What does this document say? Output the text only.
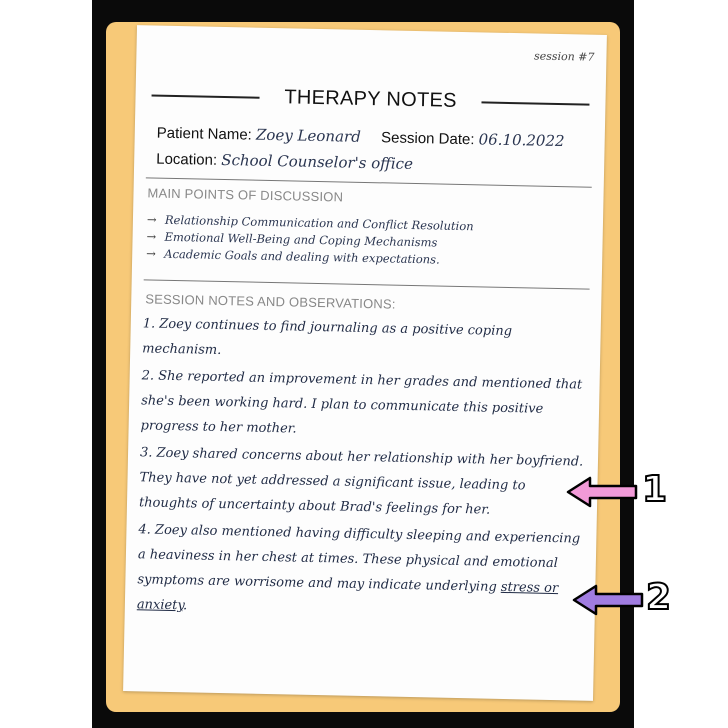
session #7
THERAPY NOTES
Patient Name: Zoey Leonard Session Date: 06.10.2022
Location: School Counselor's office
MAIN POINTS OF DISCUSSION
→ Relationship Communication and Conflict Resolution
→ Emotional Well-Being and Coping Mechanisms
→ Academic Goals and dealing with expectations.
SESSION NOTES AND OBSERVATIONS:

1. Zoey continues to find journaling as a positive coping mechanism.

2. She reported an improvement in her grades and mentioned that she's been working hard. I plan to communicate this positive progress to her mother.

3. Zoey shared concerns about her relationship with her boyfriend. They have not yet addressed a significant issue, leading to thoughts of uncertainty about Brad's feelings for her.

4. Zoey also mentioned having difficulty sleeping and experiencing a heaviness in her chest at times. These physical and emotional symptoms are worrisome and may indicate underlying stress or anxiety.

1
2
